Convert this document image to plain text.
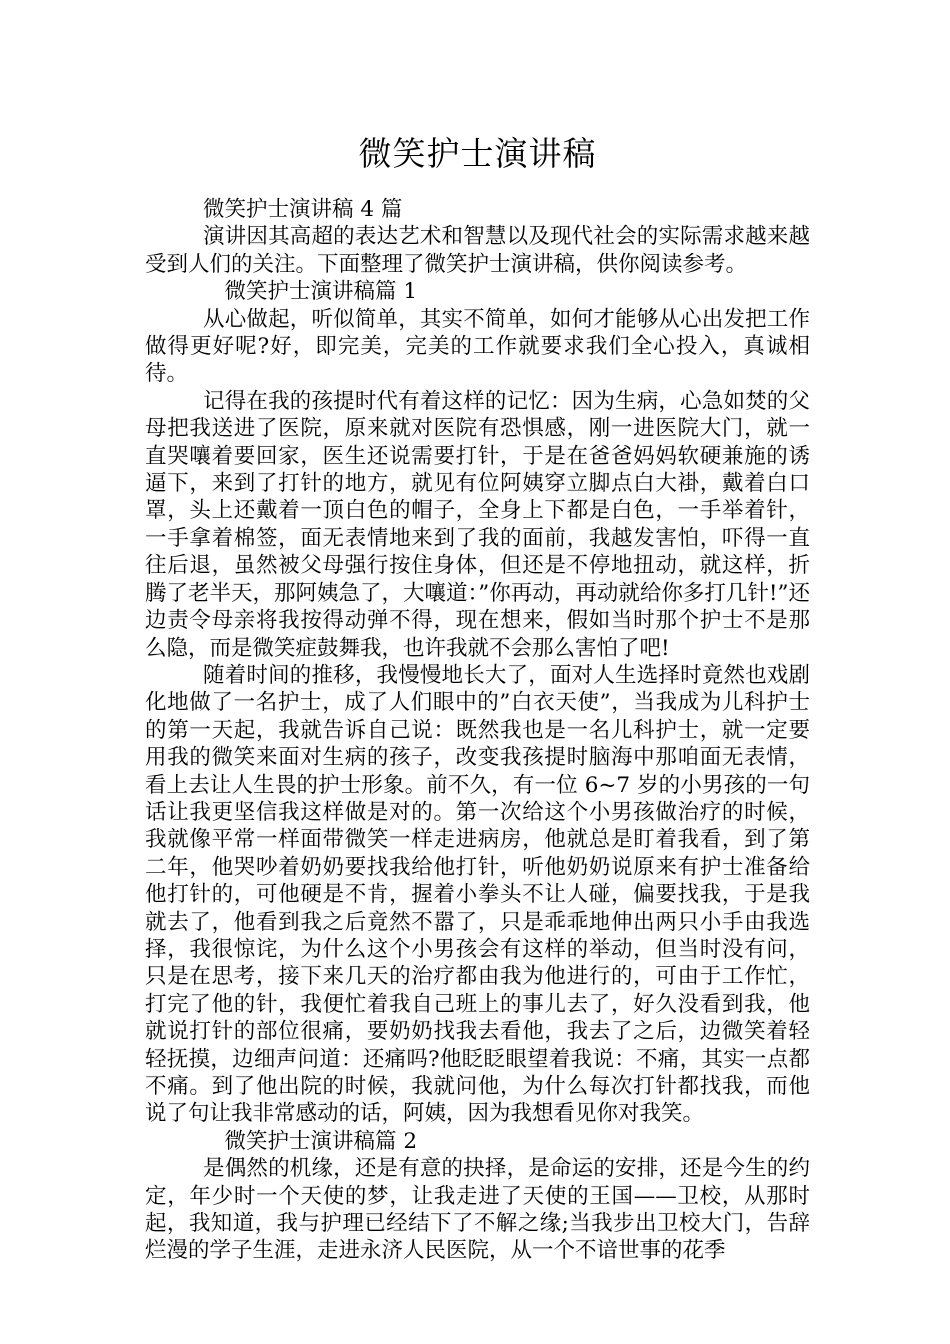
微笑护士演讲稿

微笑护士演讲稿 4 篇

演讲因其高超的表达艺术和智慧以及现代社会的实际需求越来越受到人们的关注。下面整理了微笑护士演讲稿，供你阅读参考。

微笑护士演讲稿篇 1

从心做起，听似简单，其实不简单，如何才能够从心出发把工作做得更好呢?好，即完美，完美的工作就要求我们全心投入，真诚相待。

记得在我的孩提时代有着这样的记忆：因为生病，心急如焚的父母把我送进了医院，原来就对医院有恐惧感，刚一进医院大门，就一直哭嚷着要回家，医生还说需要打针，于是在爸爸妈妈软硬兼施的诱逼下，来到了打针的地方，就见有位阿姨穿立脚点白大褂，戴着白口罩，头上还戴着一顶白色的帽子，全身上下都是白色，一手举着针，一手拿着棉签，面无表情地来到了我的面前，我越发害怕，吓得一直往后退，虽然被父母强行按住身体，但还是不停地扭动，就这样，折腾了老半天，那阿姨急了，大嚷道：”你再动，再动就给你多打几针!”还边责令母亲将我按得动弹不得，现在想来，假如当时那个护士不是那么隐，而是微笑症鼓舞我，也许我就不会那么害怕了吧!

随着时间的推移，我慢慢地长大了，面对人生选择时竟然也戏剧化地做了一名护士，成了人们眼中的”白衣天使”，当我成为儿科护士的第一天起，我就告诉自己说：既然我也是一名儿科护士，就一定要用我的微笑来面对生病的孩子，改变我孩提时脑海中那咱面无表情，看上去让人生畏的护士形象。前不久，有一位 6~7 岁的小男孩的一句话让我更坚信我这样做是对的。第一次给这个小男孩做治疗的时候，我就像平常一样面带微笑一样走进病房，他就总是盯着我看，到了第二年，他哭吵着奶奶要找我给他打针，听他奶奶说原来有护士准备给他打针的，可他硬是不肯，握着小拳头不让人碰，偏要找我，于是我就去了，他看到我之后竟然不嚣了，只是乖乖地伸出两只小手由我选择，我很惊诧，为什么这个小男孩会有这样的举动，但当时没有问，只是在思考，接下来几天的治疗都由我为他进行的，可由于工作忙，打完了他的针，我便忙着我自己班上的事儿去了，好久没看到我，他就说打针的部位很痛，要奶奶找我去看他，我去了之后，边微笑着轻轻抚摸，边细声问道：还痛吗?他眨眨眼望着我说：不痛，其实一点都不痛。到了他出院的时候，我就问他，为什么每次打针都找我，而他说了句让我非常感动的话，阿姨，因为我想看见你对我笑。

微笑护士演讲稿篇 2

是偶然的机缘，还是有意的抉择，是命运的安排，还是今生的约定，年少时一个天使的梦，让我走进了天使的王国——卫校，从那时起，我知道，我与护理已经结下了不解之缘;当我步出卫校大门，告辞烂漫的学子生涯，走进永济人民医院，从一个不谙世事的花季
